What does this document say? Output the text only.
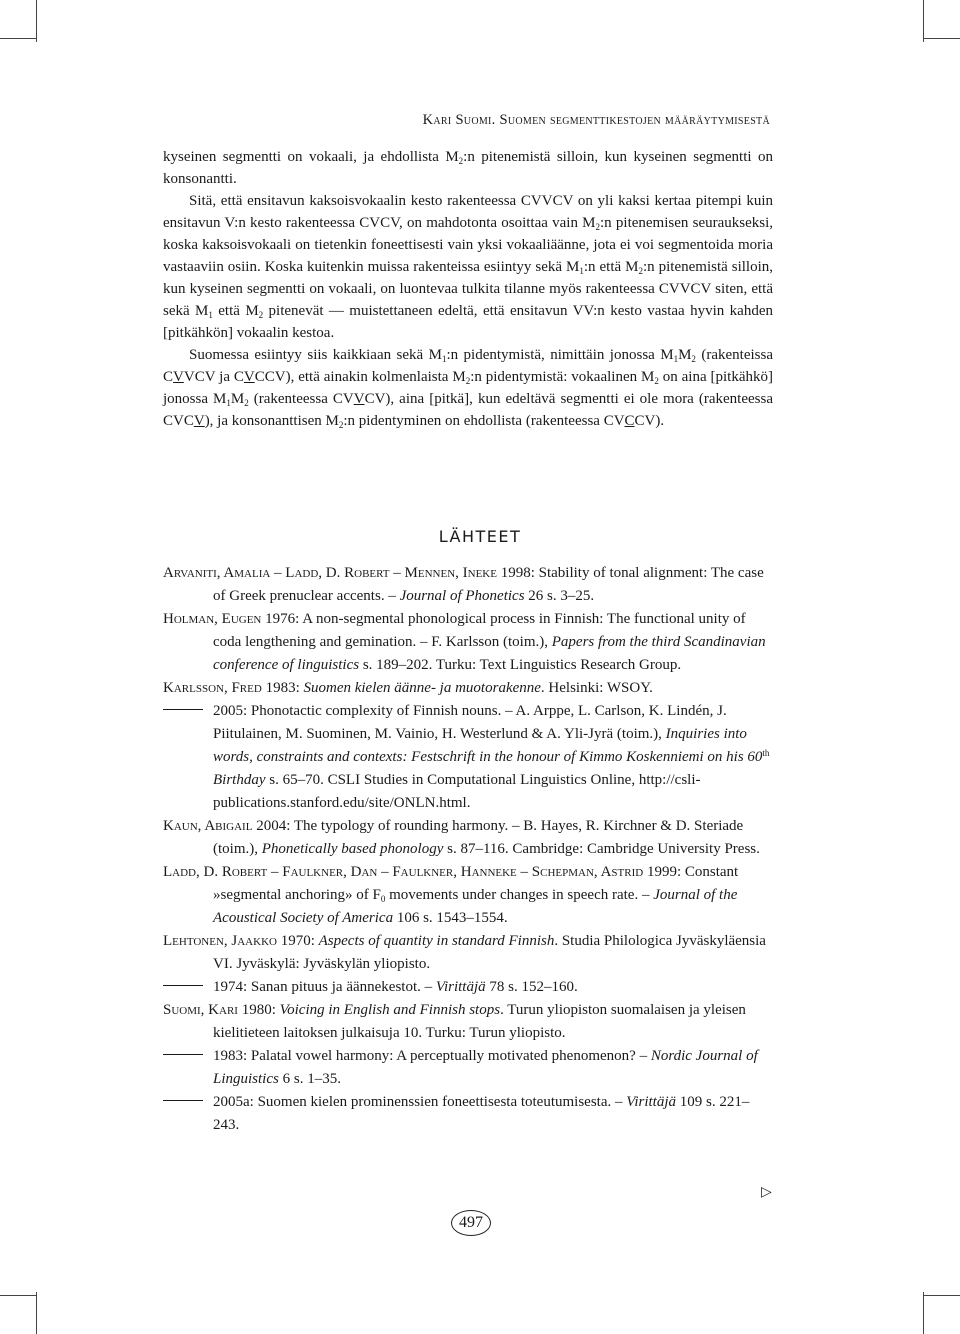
Kari Suomi. Suomen segmenttikestojen määräytymisestä

kyseinen segmentti on vokaali, ja ehdollista $M_2:n$ pitenemistä silloin, kun kyseinen segmentti on konsonantti.

Sitä, että ensitavun kaksoisvokaalin kesto rakenteessa CVVCV on yli kaksi kertaa pitempi kuin ensitavun V:n kesto rakenteessa CVCV, on mahdotonta osoittaa vain $M_2:n$ pitenemisen seuraukseksi, koska kaksoisvokaali on tietenkin foneettisesti vain yksi vokaaliäänne, jota ei voi segmentoida moria vastaaviin osiin. Koska kuitenkin muissa rakenteissa esiintyy sekä $M_1:n$ että $M_2:n$ pitenemistä silloin, kun kyseinen segmentti on vokaali, on luontevaa tulkita tilanne myös rakenteessa CVVCV siten, että sekä $M_1$ että $M_2$ pitenevät — muistettaneen edeltä, että ensitavun VV:n kesto vastaa hyvin kahden [pitkähkön] vokaalin kestoa.

Suomessa esiintyy siis kaikkiaan sekä $M_1:n$ pidentymistä, nimittäin jonossa $M_1M_2$ (rakenteissa CVVCV ja CVCCV), että ainakin kolmenlaista $M_2:n$ pidentymistä: vokaalinen $M_2$ on aina [pitkähkö] jonossa $M_1M_2$ (rakenteessa CVVCV), aina [pitkä], kun edeltävä segmentti ei ole mora (rakenteessa CVCV), ja konsonanttisen $M_2:n$ pidentyminen on ehdollista (rakenteessa CVCCV).

LÄHTEET

Arvaniti, Amalia – Ladd, D. Robert – Mennen, Ineke 1998: Stability of tonal alignment: The case of Greek prenuclear accents. – Journal of Phonetics 26 s. 3–25.

Holman, Eugen 1976: A non-segmental phonological process in Finnish: The functional unity of coda lengthening and gemination. – F. Karlsson (toim.), Papers from the third Scandinavian conference of linguistics s. 189–202. Turku: Text Linguistics Research Group.

Karlsson, Fred 1983: Suomen kielen äänne- ja muotorakenne. Helsinki: WSOY.

2005: Phonotactic complexity of Finnish nouns. – A. Arppe, L. Carlson, K. Lindén, J. Piitulainen, M. Suominen, M. Vainio, H. Westerlund & A. Yli-Jyrä (toim.), Inquiries into words, constraints and contexts: Festschrift in the honour of Kimmo Koskenniemi on his 60th Birthday s. 65–70. CSLI Studies in Computational Linguistics Online, http://csli-publications.stanford.edu/site/ONLN.html.

Kaun, Abigail 2004: The typology of rounding harmony. – B. Hayes, R. Kirchner & D. Steriade (toim.), Phonetically based phonology s. 87–116. Cambridge: Cambridge University Press.

Ladd, D. Robert – Faulkner, Dan – Faulkner, Hanneke – Schepman, Astrid 1999: Constant »segmental anchoring» of $F_0$ movements under changes in speech rate. – Journal of the Acoustical Society of America 106 s. 1543–1554.

Lehtonen, Jaakko 1970: Aspects of quantity in standard Finnish. Studia Philologica Jyväskyläensia VI. Jyväskylä: Jyväskylän yliopisto.

1974: Sanan pituus ja äännekestot. – Virittäjä 78 s. 152–160.

Suomi, Kari 1980: Voicing in English and Finnish stops. Turun yliopiston suomalaisen ja yleisen kielitieteen laitoksen julkaisuja 10. Turku: Turun yliopisto.

1983: Palatal vowel harmony: A perceptually motivated phenomenon? – Nordic Journal of Linguistics 6 s. 1–35.

2005a: Suomen kielen prominenssien foneettisesta toteutumisesta. – Virittäjä 109 s. 221–243.

▷
497
